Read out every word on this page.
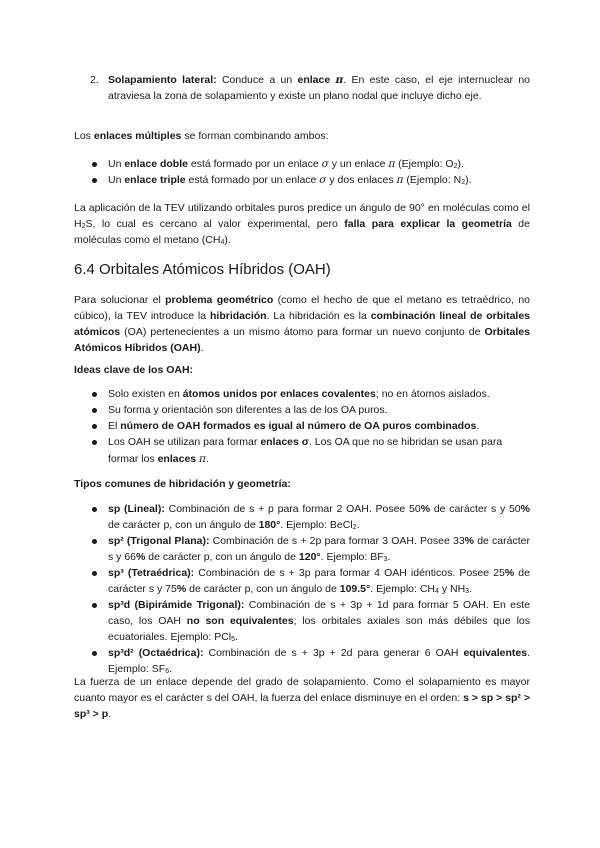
2. Solapamiento lateral: Conduce a un enlace π. En este caso, el eje internuclear no atraviesa la zona de solapamiento y existe un plano nodal que incluye dicho eje.
Los enlaces múltiples se forman combinando ambos:
Un enlace doble está formado por un enlace σ y un enlace π (Ejemplo: O2).
Un enlace triple está formado por un enlace σ y dos enlaces π (Ejemplo: N2).
La aplicación de la TEV utilizando orbitales puros predice un ángulo de 90° en moléculas como el H2S, lo cual es cercano al valor experimental, pero falla para explicar la geometría de moléculas como el metano (CH4).
6.4 Orbitales Atómicos Híbridos (OAH)
Para solucionar el problema geométrico (como el hecho de que el metano es tetraédrico, no cúbico), la TEV introduce la hibridación. La hibridación es la combinación lineal de orbitales atómicos (OA) pertenecientes a un mismo átomo para formar un nuevo conjunto de Orbitales Atómicos Híbridos (OAH).
Ideas clave de los OAH:
Solo existen en átomos unidos por enlaces covalentes; no en átomos aislados.
Su forma y orientación son diferentes a las de los OA puros.
El número de OAH formados es igual al número de OA puros combinados.
Los OAH se utilizan para formar enlaces σ. Los OA que no se hibridan se usan para formar los enlaces π.
Tipos comunes de hibridación y geometría:
sp (Lineal): Combinación de s + p para formar 2 OAH. Posee 50% de carácter s y 50% de carácter p, con un ángulo de 180°. Ejemplo: BeCl2.
sp² (Trigonal Plana): Combinación de s + 2p para formar 3 OAH. Posee 33% de carácter s y 66% de carácter p, con un ángulo de 120°. Ejemplo: BF3.
sp³ (Tetraédrica): Combinación de s + 3p para formar 4 OAH idénticos. Posee 25% de carácter s y 75% de carácter p, con un ángulo de 109.5°. Ejemplo: CH4 y NH3.
sp³d (Bipirámide Trigonal): Combinación de s + 3p + 1d para formar 5 OAH. En este caso, los OAH no son equivalentes; los orbitales axiales son más débiles que los ecuatoriales. Ejemplo: PCl5.
sp³d² (Octaédrica): Combinación de s + 3p + 2d para generar 6 OAH equivalentes. Ejemplo: SF6.
La fuerza de un enlace depende del grado de solapamiento. Como el solapamiento es mayor cuanto mayor es el carácter s del OAH, la fuerza del enlace disminuye en el orden: s > sp > sp² > sp³ > p.
